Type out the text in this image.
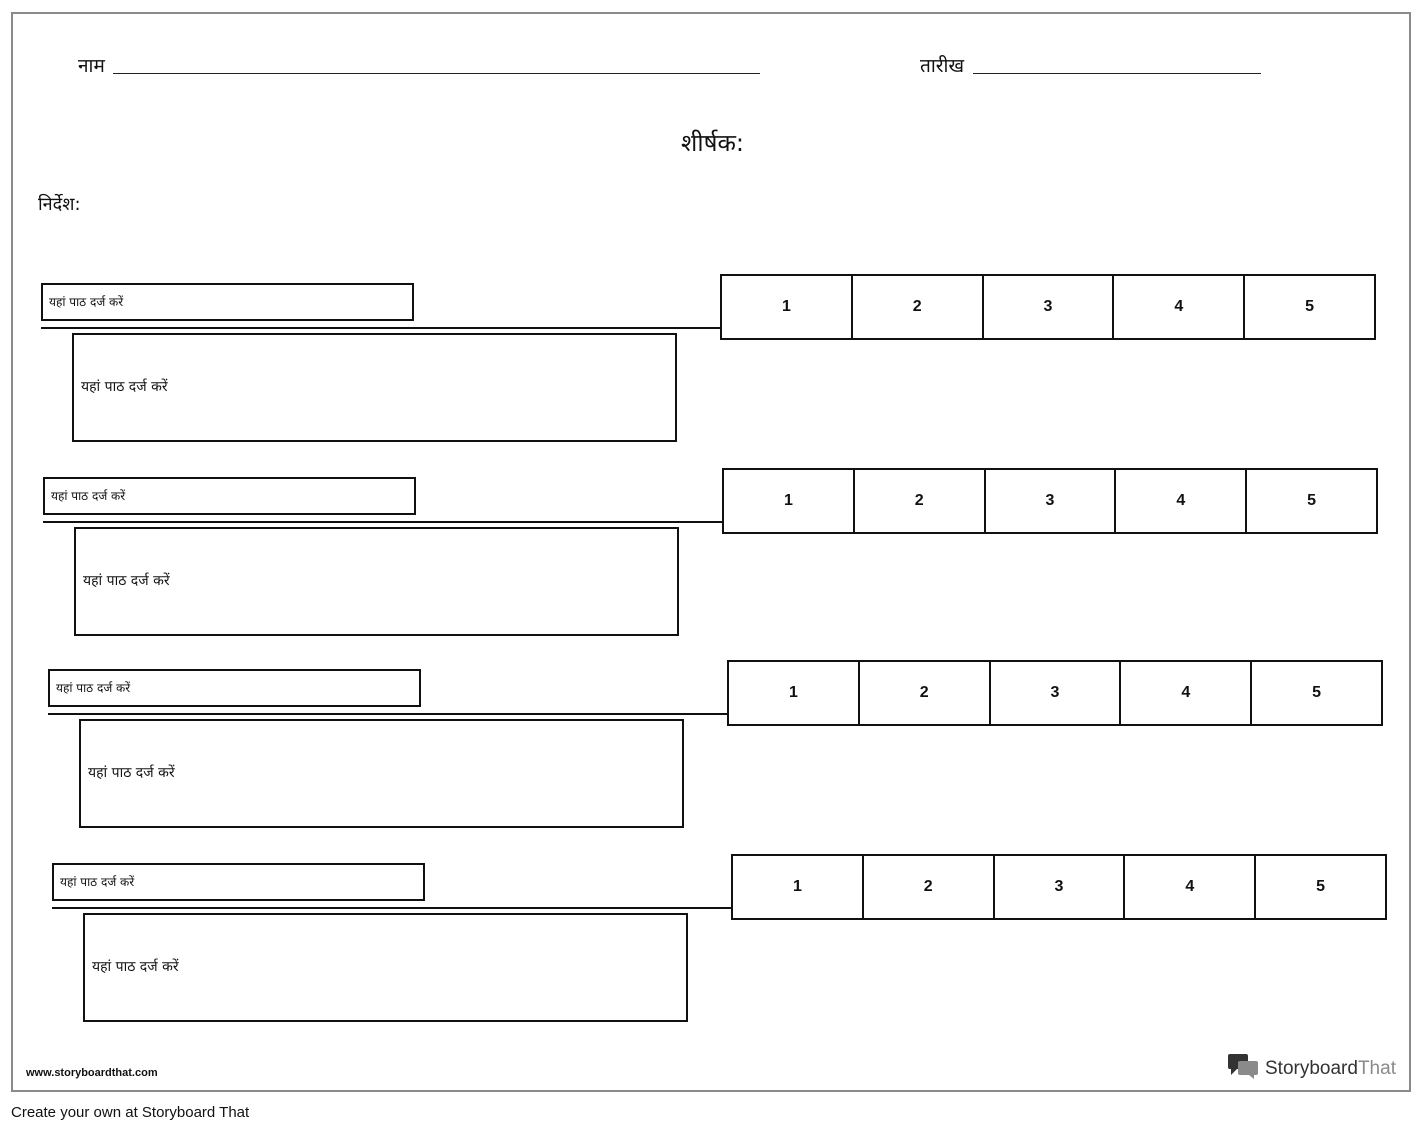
नाम	तारीख
शीर्षक:
निर्देश:
यहां पाठ दर्ज करें
यहां पाठ दर्ज करें
1	2	3	4	5
यहां पाठ दर्ज करें
यहां पाठ दर्ज करें
1	2	3	4	5
यहां पाठ दर्ज करें
यहां पाठ दर्ज करें
1	2	3	4	5
यहां पाठ दर्ज करें
यहां पाठ दर्ज करें
1	2	3	4	5
www.storyboardthat.com	StoryboardThat
Create your own at Storyboard That
